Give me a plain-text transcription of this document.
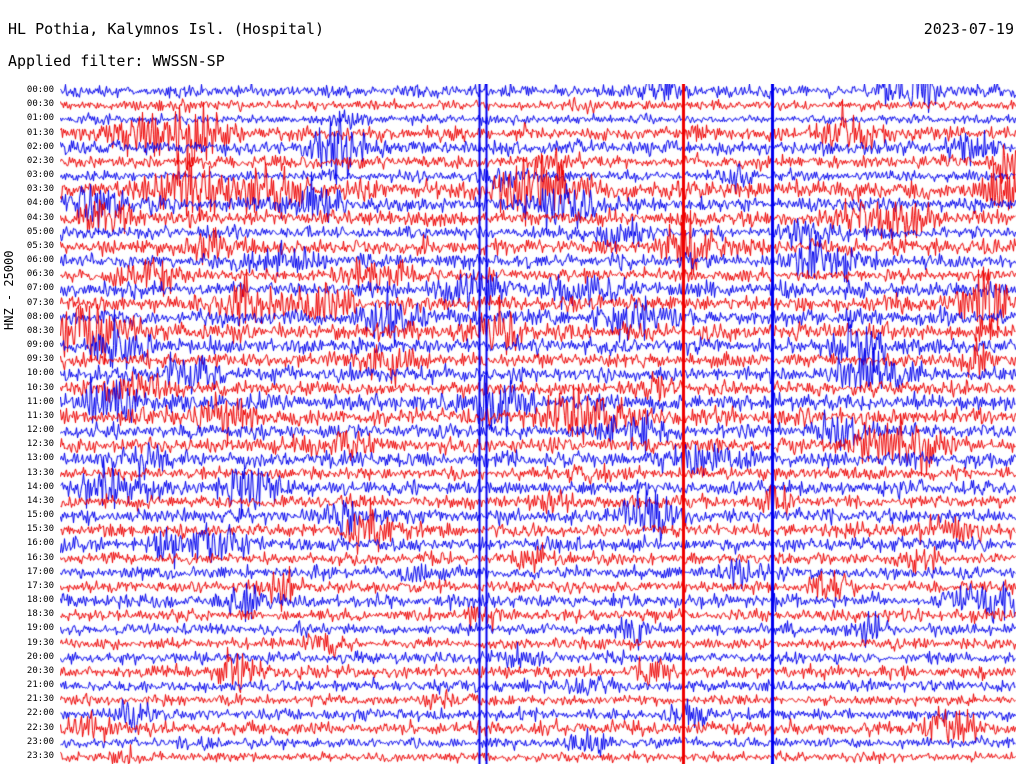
HL Pothia, Kalymnos Isl. (Hospital)
Applied filter: WWSSN-SP
2023-07-19
HNZ - 25000
00:00
00:30
01:00
01:30
02:00
02:30
03:00
03:30
04:00
04:30
05:00
05:30
06:00
06:30
07:00
07:30
08:00
08:30
09:00
09:30
10:00
10:30
11:00
11:30
12:00
12:30
13:00
13:30
14:00
14:30
15:00
15:30
16:00
16:30
17:00
17:30
18:00
18:30
19:00
19:30
20:00
20:30
21:00
21:30
22:00
22:30
23:00
23:30
